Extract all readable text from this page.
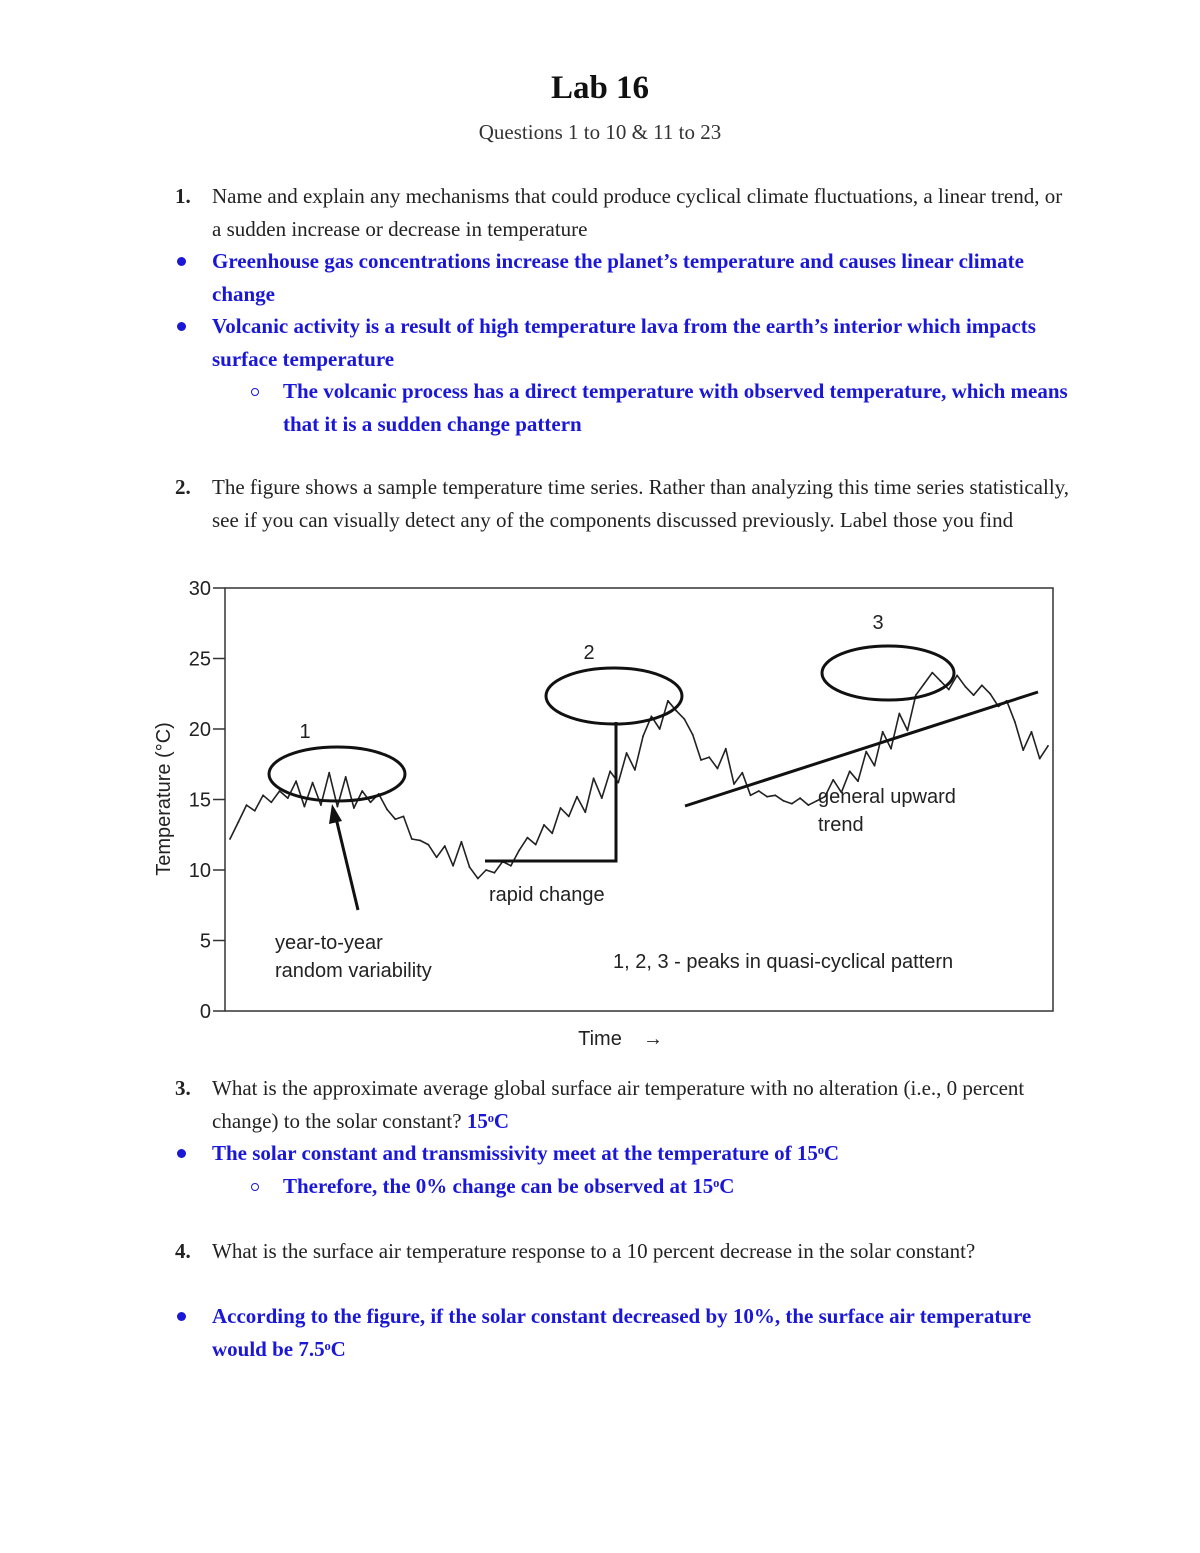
Lab 16
Questions 1 to 10 & 11 to 23
1. Name and explain any mechanisms that could produce cyclical climate fluctuations, a linear trend, or a sudden increase or decrease in temperature
Greenhouse gas concentrations increase the planet’s temperature and causes linear climate change
Volcanic activity is a result of high temperature lava from the earth’s interior which impacts surface temperature
The volcanic process has a direct temperature with observed temperature, which means that it is a sudden change pattern
2. The figure shows a sample temperature time series. Rather than analyzing this time series statistically, see if you can visually detect any of the components discussed previously. Label those you find
0
5
10
15
20
25
30
Temperature (°C)
Time →
1
2
3
general upward trend
rapid change
year-to-year random variability	1, 2, 3 - peaks in quasi-cyclical pattern
3. What is the approximate average global surface air temperature with no alteration (i.e., 0 percent change) to the solar constant? 15ᵒC
The solar constant and transmissivity meet at the temperature of 15ᵒC
Therefore, the 0% change can be observed at 15ᵒC
4. What is the surface air temperature response to a 10 percent decrease in the solar constant?
According to the figure, if the solar constant decreased by 10%, the surface air temperature would be 7.5ᵒC
